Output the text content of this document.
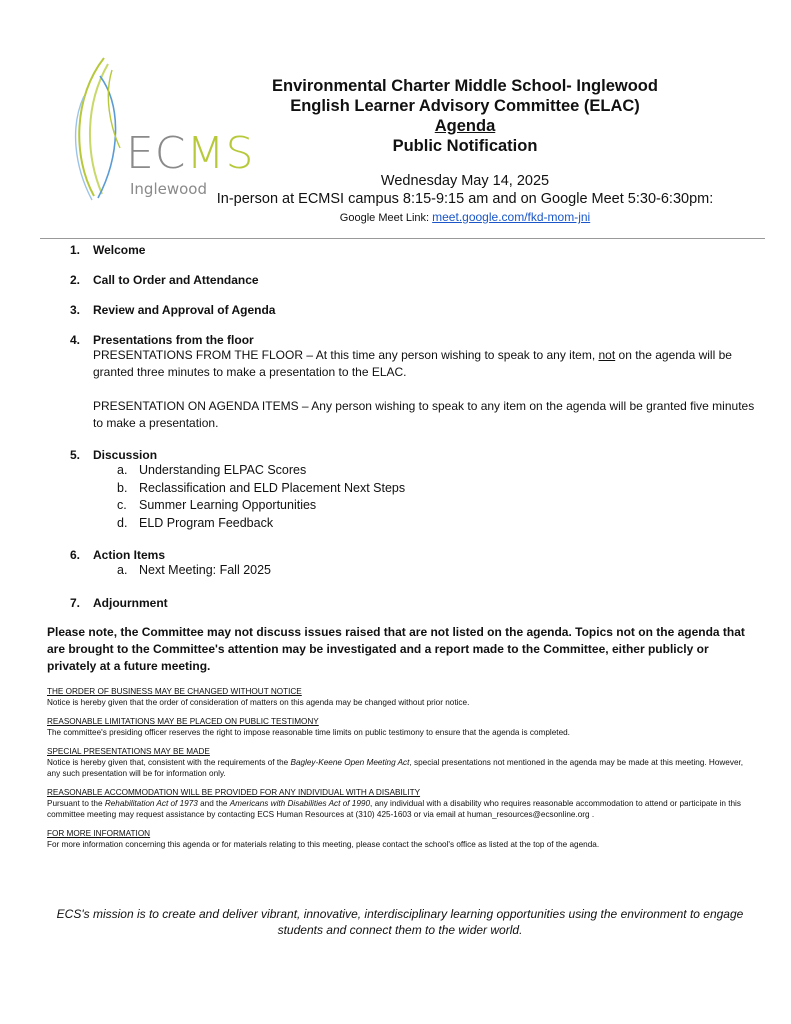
ECMS
Inglewood
Environmental Charter Middle School- Inglewood
English Learner Advisory Committee (ELAC)
Agenda
Public Notification
Wednesday May 14, 2025
In-person at ECMSI campus 8:15-9:15 am and on Google Meet 5:30-6:30pm:
Google Meet Link: meet.google.com/fkd-mom-jni
1. Welcome
2. Call to Order and Attendance
3. Review and Approval of Agenda
4. Presentations from the floor
PRESENTATIONS FROM THE FLOOR – At this time any person wishing to speak to any item, not on the agenda will be granted three minutes to make a presentation to the ELAC.
PRESENTATION ON AGENDA ITEMS – Any person wishing to speak to any item on the agenda will be granted five minutes to make a presentation.
5. Discussion
a. Understanding ELPAC Scores
b. Reclassification and ELD Placement Next Steps
c. Summer Learning Opportunities
d. ELD Program Feedback
6. Action Items
a. Next Meeting: Fall 2025
7. Adjournment
Please note, the Committee may not discuss issues raised that are not listed on the agenda. Topics not on the agenda that are brought to the Committee's attention may be investigated and a report made to the Committee, either publicly or privately at a future meeting.
THE ORDER OF BUSINESS MAY BE CHANGED WITHOUT NOTICE
Notice is hereby given that the order of consideration of matters on this agenda may be changed without prior notice.
REASONABLE LIMITATIONS MAY BE PLACED ON PUBLIC TESTIMONY
The committee's presiding officer reserves the right to impose reasonable time limits on public testimony to ensure that the agenda is completed.
SPECIAL PRESENTATIONS MAY BE MADE
Notice is hereby given that, consistent with the requirements of the Bagley-Keene Open Meeting Act, special presentations not mentioned in the agenda may be made at this meeting. However, any such presentation will be for information only.
REASONABLE ACCOMMODATION WILL BE PROVIDED FOR ANY INDIVIDUAL WITH A DISABILITY
Pursuant to the Rehabilitation Act of 1973 and the Americans with Disabilities Act of 1990, any individual with a disability who requires reasonable accommodation to attend or participate in this committee meeting may request assistance by contacting ECS Human Resources at (310) 425-1603 or via email at human_resources@ecsonline.org .
FOR MORE INFORMATION
For more information concerning this agenda or for materials relating to this meeting, please contact the school's office as listed at the top of the agenda.
ECS's mission is to create and deliver vibrant, innovative, interdisciplinary learning opportunities using the environment to engage students and connect them to the wider world.
